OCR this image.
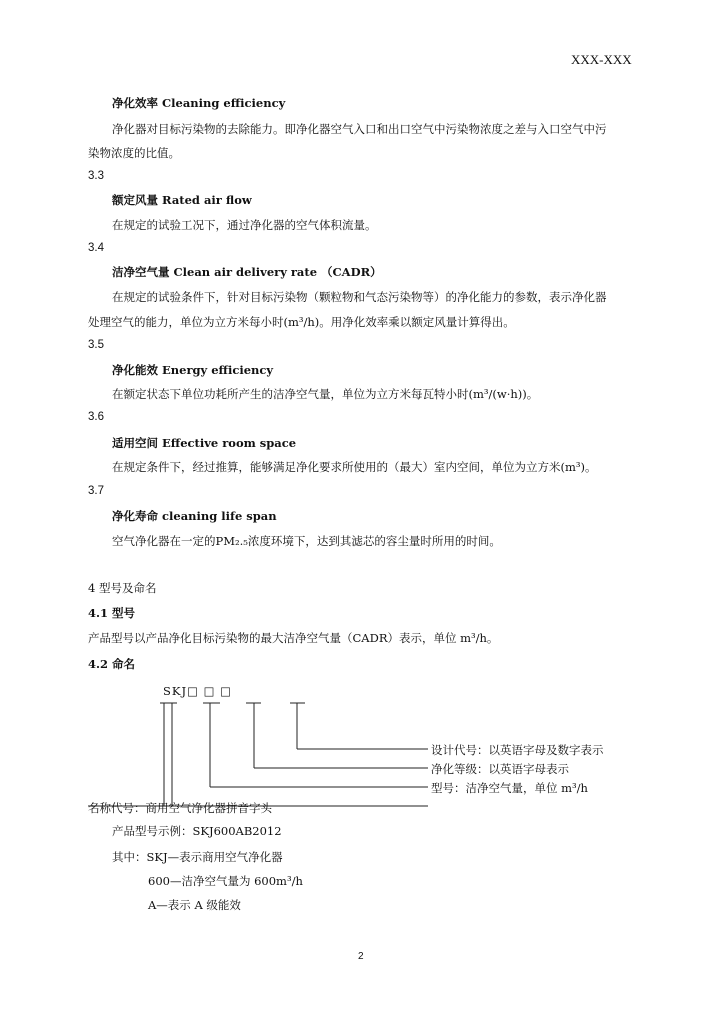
XXX-XXX
净化效率 Cleaning efficiency
净化器对目标污染物的去除能力。即净化器空气入口和出口空气中污染物浓度之差与入口空气中污
染物浓度的比值。
3.3
额定风量 Rated air flow
在规定的试验工况下，通过净化器的空气体积流量。
3.4
洁净空气量 Clean air delivery rate （CADR）
在规定的试验条件下，针对目标污染物（颗粒物和气态污染物等）的净化能力的参数，表示净化器
处理空气的能力，单位为立方米每小时(m³/h)。用净化效率乘以额定风量计算得出。
3.5
净化能效 Energy efficiency
在额定状态下单位功耗所产生的洁净空气量，单位为立方米每瓦特小时(m³/(w·h))。
3.6
适用空间 Effective room space
在规定条件下，经过推算，能够满足净化要求所使用的（最大）室内空间，单位为立方米(m³)。
3.7
净化寿命 cleaning life span
空气净化器在一定的PM₂.₅浓度环境下，达到其滤芯的容尘量时所用的时间。
4 型号及命名
4.1 型号
产品型号以产品净化目标污染物的最大洁净空气量（CADR）表示，单位 m³/h。
4.2 命名
SKJ□ □ □
设计代号：以英语字母及数字表示
净化等级：以英语字母表示
型号：洁净空气量，单位 m³/h
名称代号：商用空气净化器拼音字头
产品型号示例：SKJ600AB2012
其中：SKJ—表示商用空气净化器
600—洁净空气量为 600m³/h
A—表示 A 级能效
2
